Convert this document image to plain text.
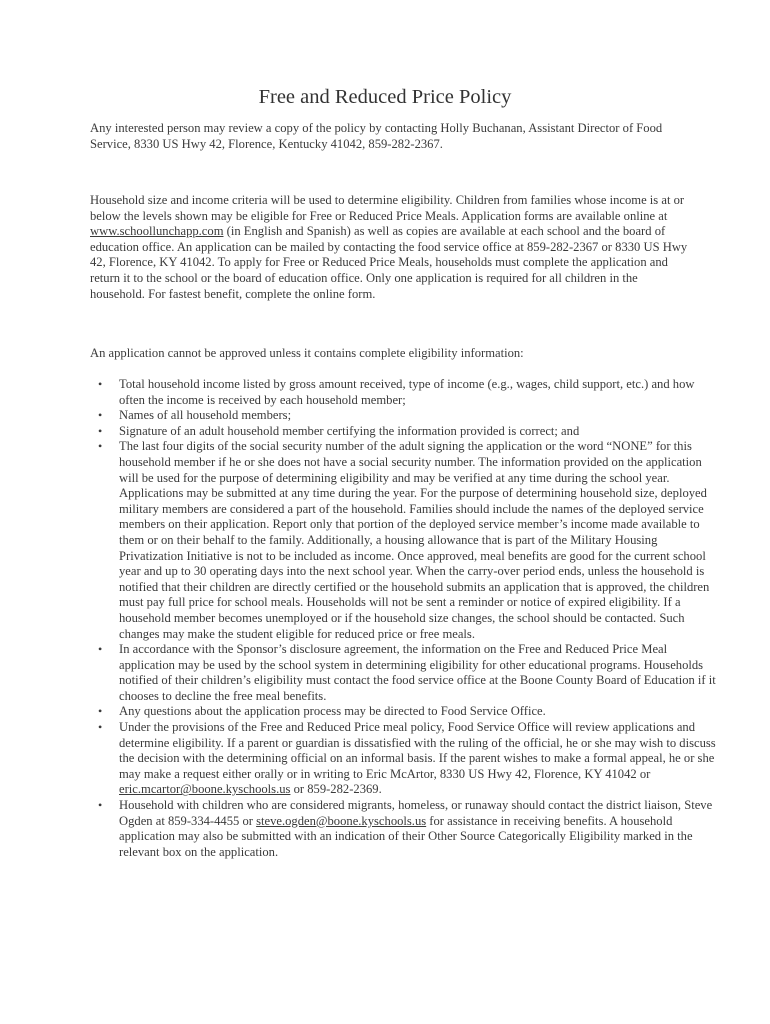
Free and Reduced Price Policy

Any interested person may review a copy of the policy by contacting Holly Buchanan, Assistant Director of Food Service, 8330 US Hwy 42, Florence, Kentucky 41042, 859-282-2367.

Household size and income criteria will be used to determine eligibility. Children from families whose income is at or below the levels shown may be eligible for Free or Reduced Price Meals. Application forms are available online at www.schoollunchapp.com (in English and Spanish) as well as copies are available at each school and the board of education office. An application can be mailed by contacting the food service office at 859-282-2367 or 8330 US Hwy 42, Florence, KY 41042. To apply for Free or Reduced Price Meals, households must complete the application and return it to the school or the board of education office. Only one application is required for all children in the household. For fastest benefit, complete the online form.

An application cannot be approved unless it contains complete eligibility information:

• Total household income listed by gross amount received, type of income (e.g., wages, child support, etc.) and how often the income is received by each household member;
• Names of all household members;
• Signature of an adult household member certifying the information provided is correct; and
• The last four digits of the social security number of the adult signing the application or the word “NONE” for this household member if he or she does not have a social security number. The information provided on the application will be used for the purpose of determining eligibility and may be verified at any time during the school year. Applications may be submitted at any time during the year. For the purpose of determining household size, deployed military members are considered a part of the household. Families should include the names of the deployed service members on their application. Report only that portion of the deployed service member’s income made available to them or on their behalf to the family. Additionally, a housing allowance that is part of the Military Housing Privatization Initiative is not to be included as income. Once approved, meal benefits are good for the current school year and up to 30 operating days into the next school year. When the carry-over period ends, unless the household is notified that their children are directly certified or the household submits an application that is approved, the children must pay full price for school meals. Households will not be sent a reminder or notice of expired eligibility. If a household member becomes unemployed or if the household size changes, the school should be contacted. Such changes may make the student eligible for reduced price or free meals.
• In accordance with the Sponsor’s disclosure agreement, the information on the Free and Reduced Price Meal application may be used by the school system in determining eligibility for other educational programs. Households notified of their children’s eligibility must contact the food service office at the Boone County Board of Education if it chooses to decline the free meal benefits.
• Any questions about the application process may be directed to Food Service Office.
• Under the provisions of the Free and Reduced Price meal policy, Food Service Office will review applications and determine eligibility. If a parent or guardian is dissatisfied with the ruling of the official, he or she may wish to discuss the decision with the determining official on an informal basis. If the parent wishes to make a formal appeal, he or she may make a request either orally or in writing to Eric McArtor, 8330 US Hwy 42, Florence, KY 41042 or eric.mcartor@boone.kyschools.us or 859-282-2369.
• Household with children who are considered migrants, homeless, or runaway should contact the district liaison, Steve Ogden at 859-334-4455 or steve.ogden@boone.kyschools.us for assistance in receiving benefits. A household application may also be submitted with an indication of their Other Source Categorically Eligibility marked in the relevant box on the application.
